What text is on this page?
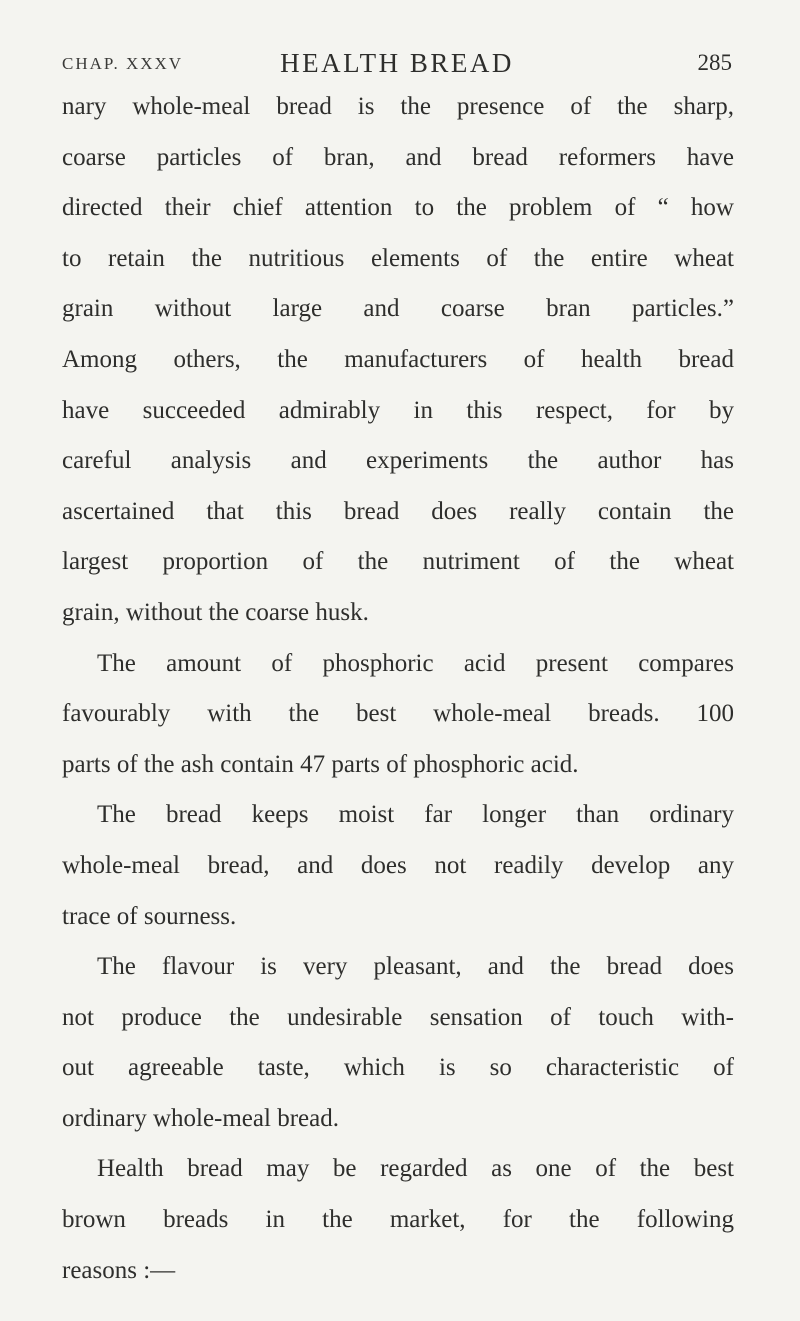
CHAP. XXXV	HEALTH BREAD	285

nary whole-meal bread is the presence of the sharp,
coarse particles of bran, and bread reformers have
directed their chief attention to the problem of “ how
to retain the nutritious elements of the entire wheat
grain without large and coarse bran particles.”
Among others, the manufacturers of health bread
have succeeded admirably in this respect, for by
careful analysis and experiments the author has
ascertained that this bread does really contain the
largest proportion of the nutriment of the wheat
grain, without the coarse husk.

The amount of phosphoric acid present compares
favourably with the best whole-meal breads. 100
parts of the ash contain 47 parts of phosphoric acid.

The bread keeps moist far longer than ordinary
whole-meal bread, and does not readily develop any
trace of sourness.

The flavour is very pleasant, and the bread does
not produce the undesirable sensation of touch with-
out agreeable taste, which is so characteristic of
ordinary whole-meal bread.

Health bread may be regarded as one of the best
brown breads in the market, for the following
reasons :—
